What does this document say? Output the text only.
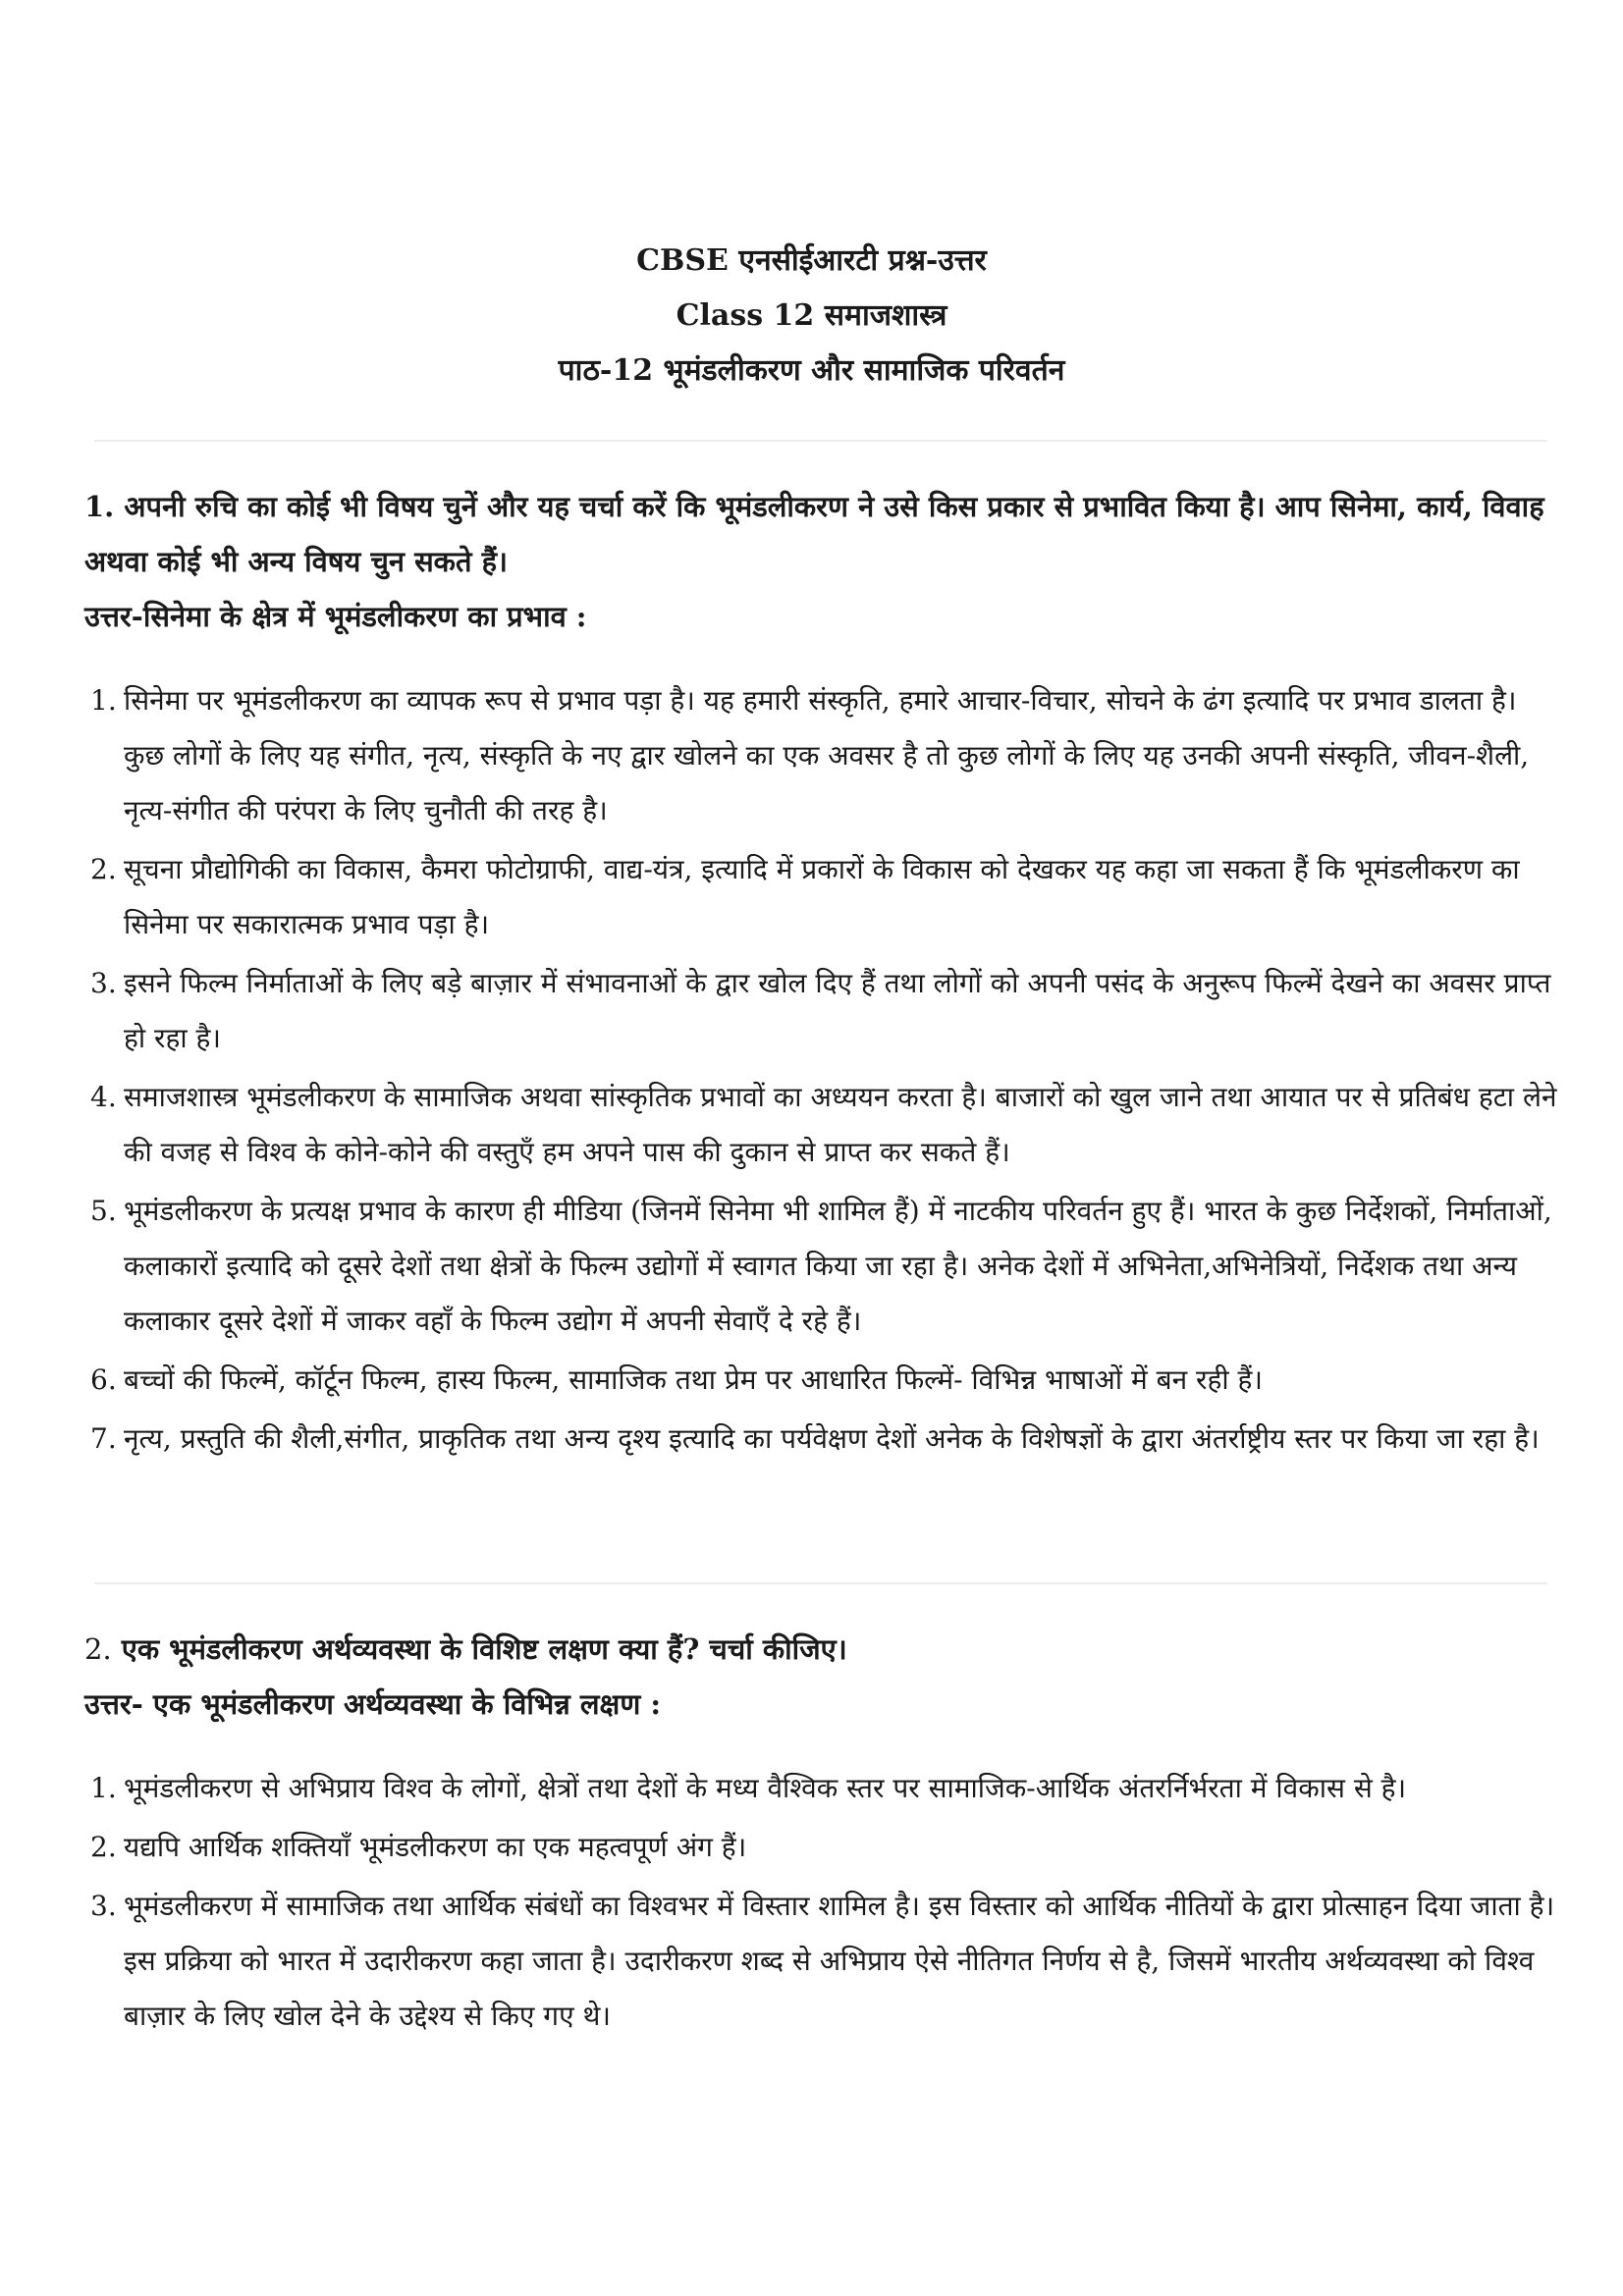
CBSE एनसीईआरटी प्रश्न-उत्तर
Class 12 समाजशास्त्र
पाठ-12 भूमंडलीकरण और सामाजिक परिवर्तन
1. अपनी रुचि का कोई भी विषय चुनें और यह चर्चा करें कि भूमंडलीकरण ने उसे किस प्रकार से प्रभावित किया है। आप सिनेमा, कार्य, विवाह अथवा कोई भी अन्य विषय चुन सकते हैं।
उत्तर-सिनेमा के क्षेत्र में भूमंडलीकरण का प्रभाव :
1. सिनेमा पर भूमंडलीकरण का व्यापक रूप से प्रभाव पड़ा है। यह हमारी संस्कृति, हमारे आचार-विचार, सोचने के ढंग इत्यादि पर प्रभाव डालता है। कुछ लोगों के लिए यह संगीत, नृत्य, संस्कृति के नए द्वार खोलने का एक अवसर है तो कुछ लोगों के लिए यह उनकी अपनी संस्कृति, जीवन-शैली, नृत्य-संगीत की परंपरा के लिए चुनौती की तरह है।
2. सूचना प्रौद्योगिकी का विकास, कैमरा फोटोग्राफी, वाद्य-यंत्र, इत्यादि में प्रकारों के विकास को देखकर यह कहा जा सकता हैं कि भूमंडलीकरण का सिनेमा पर सकारात्मक प्रभाव पड़ा है।
3. इसने फिल्म निर्माताओं के लिए बड़े बाज़ार में संभावनाओं के द्वार खोल दिए हैं तथा लोगों को अपनी पसंद के अनुरूप फिल्में देखने का अवसर प्राप्त हो रहा है।
4. समाजशास्त्र भूमंडलीकरण के सामाजिक अथवा सांस्कृतिक प्रभावों का अध्ययन करता है। बाजारों को खुल जाने तथा आयात पर से प्रतिबंध हटा लेने की वजह से विश्व के कोने-कोने की वस्तुएँ हम अपने पास की दुकान से प्राप्त कर सकते हैं।
5. भूमंडलीकरण के प्रत्यक्ष प्रभाव के कारण ही मीडिया (जिनमें सिनेमा भी शामिल हैं) में नाटकीय परिवर्तन हुए हैं। भारत के कुछ निर्देशकों, निर्माताओं, कलाकारों इत्यादि को दूसरे देशों तथा क्षेत्रों के फिल्म उद्योगों में स्वागत किया जा रहा है। अनेक देशों में अभिनेता,अभिनेत्रियों, निर्देशक तथा अन्य कलाकार दूसरे देशों में जाकर वहाँ के फिल्म उद्योग में अपनी सेवाएँ दे रहे हैं।
6. बच्चों की फिल्में, कॉर्टून फिल्म, हास्य फिल्म, सामाजिक तथा प्रेम पर आधारित फिल्में- विभिन्न भाषाओं में बन रही हैं।
7. नृत्य, प्रस्तुति की शैली,संगीत, प्राकृतिक तथा अन्य दृश्य इत्यादि का पर्यवेक्षण देशों अनेक के विशेषज्ञों के द्वारा अंतर्राष्ट्रीय स्तर पर किया जा रहा है।
2. एक भूमंडलीकरण अर्थव्यवस्था के विशिष्ट लक्षण क्या हैं? चर्चा कीजिए।
उत्तर- एक भूमंडलीकरण अर्थव्यवस्था के विभिन्न लक्षण :
1. भूमंडलीकरण से अभिप्राय विश्व के लोगों, क्षेत्रों तथा देशों के मध्य वैश्विक स्तर पर सामाजिक-आर्थिक अंतरर्निर्भरता में विकास से है।
2. यद्यपि आर्थिक शक्तियाँ भूमंडलीकरण का एक महत्वपूर्ण अंग हैं।
3. भूमंडलीकरण में सामाजिक तथा आर्थिक संबंधों का विश्वभर में विस्तार शामिल है। इस विस्तार को आर्थिक नीतियों के द्वारा प्रोत्साहन दिया जाता है। इस प्रक्रिया को भारत में उदारीकरण कहा जाता है। उदारीकरण शब्द से अभिप्राय ऐसे नीतिगत निर्णय से है, जिसमें भारतीय अर्थव्यवस्था को विश्व बाज़ार के लिए खोल देने के उद्देश्य से किए गए थे।
